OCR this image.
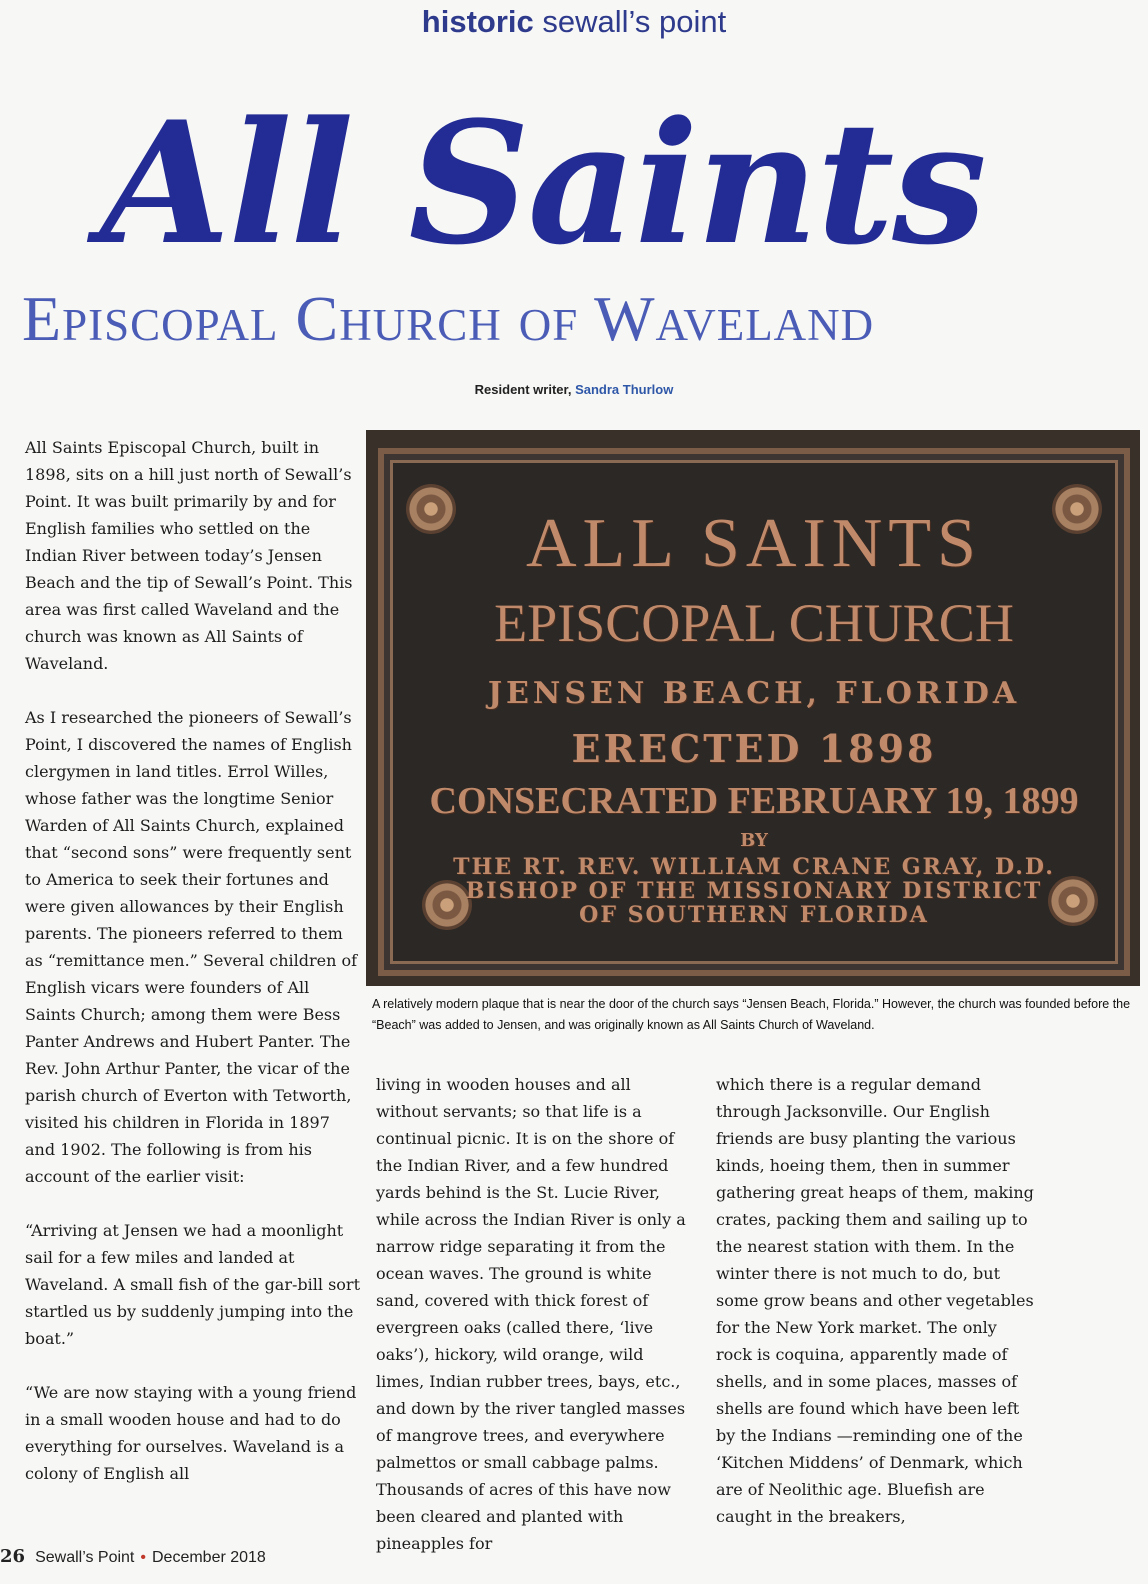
historic sewall’s point
All Saints
Episcopal Church of Waveland
Resident writer, Sandra Thurlow

All Saints Episcopal Church, built in 1898, sits on a hill just north of Sewall’s Point. It was built primarily by and for English families who settled on the Indian River between today’s Jensen Beach and the tip of Sewall’s Point. This area was first called Waveland and the church was known as All Saints of Waveland.

As I researched the pioneers of Sewall’s Point, I discovered the names of English clergymen in land titles. Errol Willes, whose father was the longtime Senior Warden of All Saints Church, explained that “second sons” were frequently sent to America to seek their fortunes and were given allowances by their English parents. The pioneers referred to them as “remittance men.” Several children of English vicars were founders of All Saints Church; among them were Bess Panter Andrews and Hubert Panter. The Rev. John Arthur Panter, the vicar of the parish church of Everton with Tetworth, visited his children in Florida in 1897 and 1902. The following is from his account of the earlier visit:

“Arriving at Jensen we had a moonlight sail for a few miles and landed at Waveland. A small fish of the gar-bill sort startled us by suddenly jumping into the boat.”

“We are now staying with a young friend in a small wooden house and had to do everything for ourselves. Waveland is a colony of English all

ALL SAINTS
EPISCOPAL CHURCH
JENSEN BEACH, FLORIDA
ERECTED 1898
CONSECRATED FEBRUARY 19, 1899
BY
THE RT. REV. WILLIAM CRANE GRAY, D.D.
BISHOP OF THE MISSIONARY DISTRICT
OF SOUTHERN FLORIDA
A relatively modern plaque that is near the door of the church says “Jensen Beach, Florida.” However, the church was founded before the “Beach” was added to Jensen, and was originally known as All Saints Church of Waveland.

living in wooden houses and all without servants; so that life is a continual picnic. It is on the shore of the Indian River, and a few hundred yards behind is the St. Lucie River, while across the Indian River is only a narrow ridge separating it from the ocean waves. The ground is white sand, covered with thick forest of evergreen oaks (called there, ‘live oaks’), hickory, wild orange, wild limes, Indian rubber trees, bays, etc., and down by the river tangled masses of mangrove trees, and everywhere palmettos or small cabbage palms. Thousands of acres of this have now been cleared and planted with pineapples for

which there is a regular demand through Jacksonville. Our English friends are busy planting the various kinds, hoeing them, then in summer gathering great heaps of them, making crates, packing them and sailing up to the nearest station with them. In the winter there is not much to do, but some grow beans and other vegetables for the New York market. The only rock is coquina, apparently made of shells, and in some places, masses of shells are found which have been left by the Indians —reminding one of the ‘Kitchen Middens’ of Denmark, which are of Neolithic age. Bluefish are caught in the breakers,

26 Sewall’s Point • December 2018
